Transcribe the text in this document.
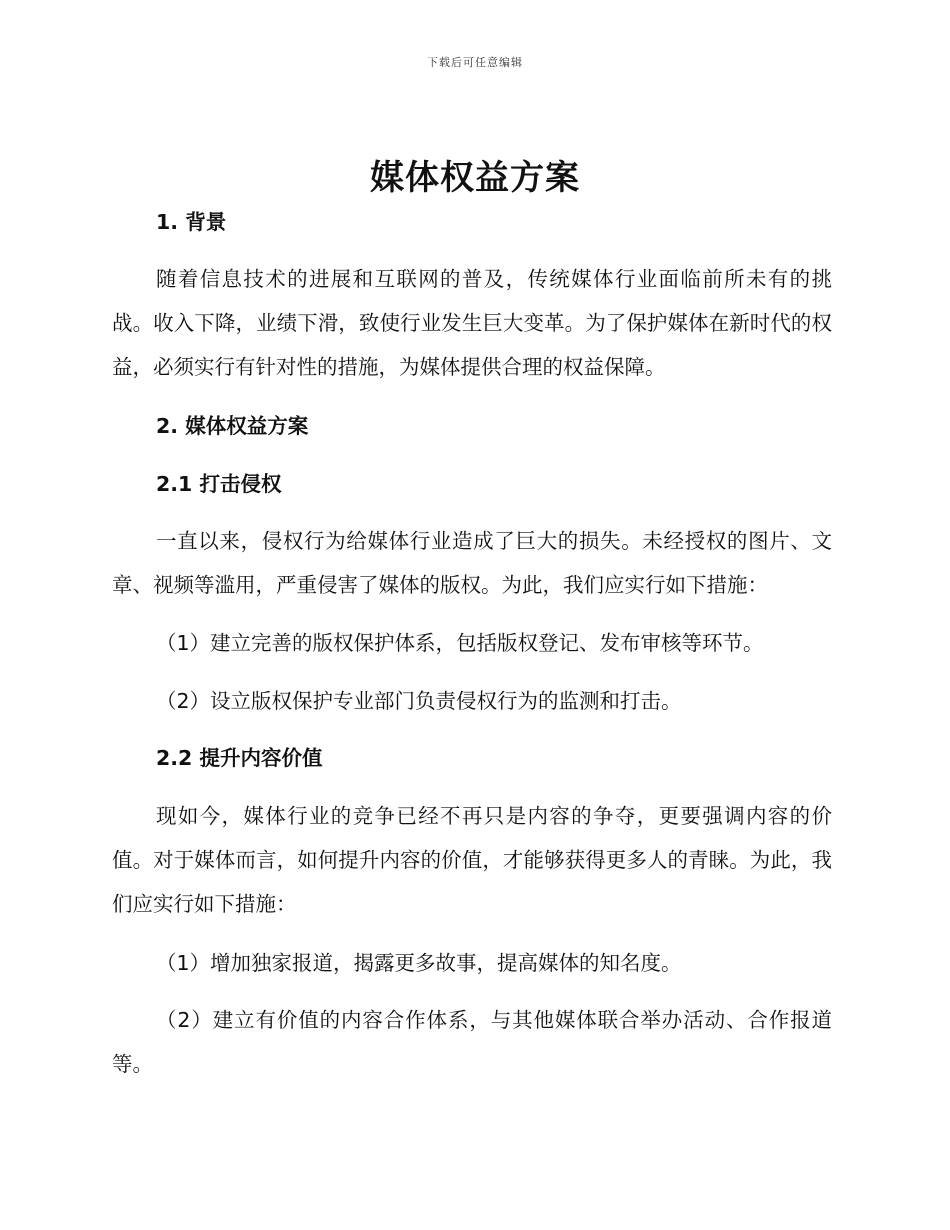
下载后可任意编辑
媒体权益方案

1. 背景

随着信息技术的进展和互联网的普及，传统媒体行业面临前所未有的挑战。收入下降，业绩下滑，致使行业发生巨大变革。为了保护媒体在新时代的权益，必须实行有针对性的措施，为媒体提供合理的权益保障。

2. 媒体权益方案

2.1 打击侵权

一直以来，侵权行为给媒体行业造成了巨大的损失。未经授权的图片、文章、视频等滥用，严重侵害了媒体的版权。为此，我们应实行如下措施：

（1）建立完善的版权保护体系，包括版权登记、发布审核等环节。

（2）设立版权保护专业部门负责侵权行为的监测和打击。

2.2 提升内容价值

现如今，媒体行业的竞争已经不再只是内容的争夺，更要强调内容的价值。对于媒体而言，如何提升内容的价值，才能够获得更多人的青睐。为此，我们应实行如下措施：

（1）增加独家报道，揭露更多故事，提高媒体的知名度。

（2）建立有价值的内容合作体系，与其他媒体联合举办活动、合作报道等。
